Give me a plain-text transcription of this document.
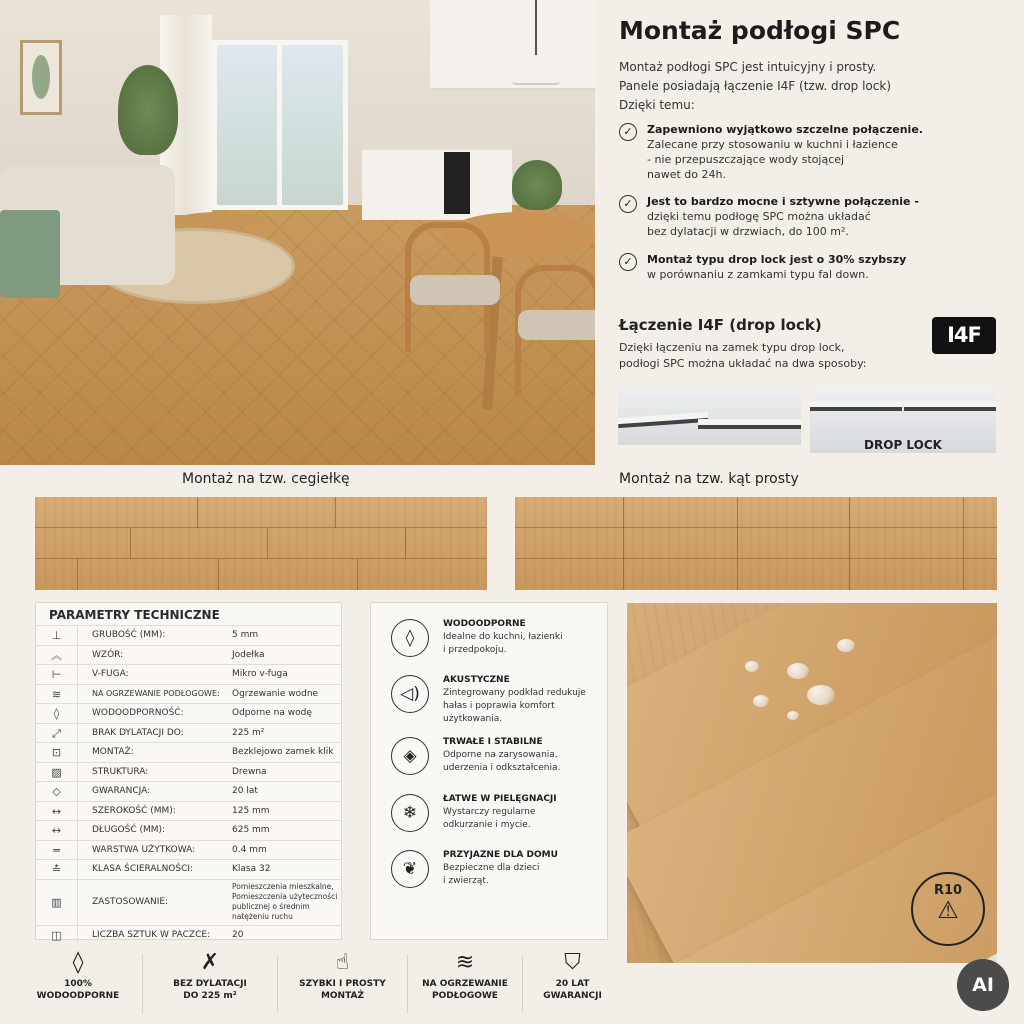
Montaż podłogi SPC
Montaż podłogi SPC jest intuicyjny i prosty.
Panele posiadają łączenie I4F (tzw. drop lock)
Dzięki temu:
✓	Zapewniono wyjątkowo szczelne połączenie.
Zalecane przy stosowaniu w kuchni i łazience
- nie przepuszczające wody stojącej
nawet do 24h.
✓	Jest to bardzo mocne i sztywne połączenie -
dzięki temu podłogę SPC można układać
bez dylatacji w drzwiach, do 100 m².
✓	Montaż typu drop lock jest o 30% szybszy
w porównaniu z zamkami typu fal down.
Łączenie I4F (drop lock)
Dzięki łączeniu na zamek typu drop lock,
podłogi SPC można układać na dwa sposoby:
I4F
DROP LOCK
Montaż na tzw. cegiełkę	Montaż na tzw. kąt prosty
PARAMETRY TECHNICZNE
⊥	GRUBOŚĆ (MM):	5 mm
︽	WZÓR:	Jodełka
⊢	V-FUGA:	Mikro v-fuga
≋	NA OGRZEWANIE PODŁOGOWE:	Ogrzewanie wodne
◊	WODOODPORNOŚĆ:	Odporne na wodę
⤢	BRAK DYLATACJI DO:	225 m²
⊡	MONTAŻ:	Bezklejowo zamek klik
▨	STRUKTURA:	Drewna
◇	GWARANCJA:	20 lat
↔	SZEROKOŚĆ (MM):	125 mm
↔	DŁUGOŚĆ (MM):	625 mm
═	WARSTWA UŻYTKOWA:	0.4 mm
≛	KLASA ŚCIERALNOŚCI:	Klasa 32
▥	ZASTOSOWANIE:
Pomieszczenia mieszkalne, Pomieszczenia użyteczności publicznej o średnim natężeniu ruchu
◫	LICZBA SZTUK W PACZCE:	20
◊
WODOODPORNE
Idealne do kuchni, łazienki
i przedpokoju.
◁)
AKUSTYCZNE
Zintegrowany podkład redukuje
hałas i poprawia komfort
użytkowania.
◈
TRWAŁE I STABILNE
Odporne na zarysowania,
uderzenia i odkształcenia.
❄
ŁATWE W PIELĘGNACJI
Wystarczy regularne
odkurzanie i mycie.
❦
PRZYJAZNE DLA DOMU
Bezpieczne dla dzieci
i zwierząt.
R10
⚠
◊
100%
WODOODPORNE
✗
BEZ DYLATACJI
DO 225 m²
☝
SZYBKI I PROSTY
MONTAŻ
≋
NA OGRZEWANIE
PODŁOGOWE
⛉
20 LAT
GWARANCJI	AI
